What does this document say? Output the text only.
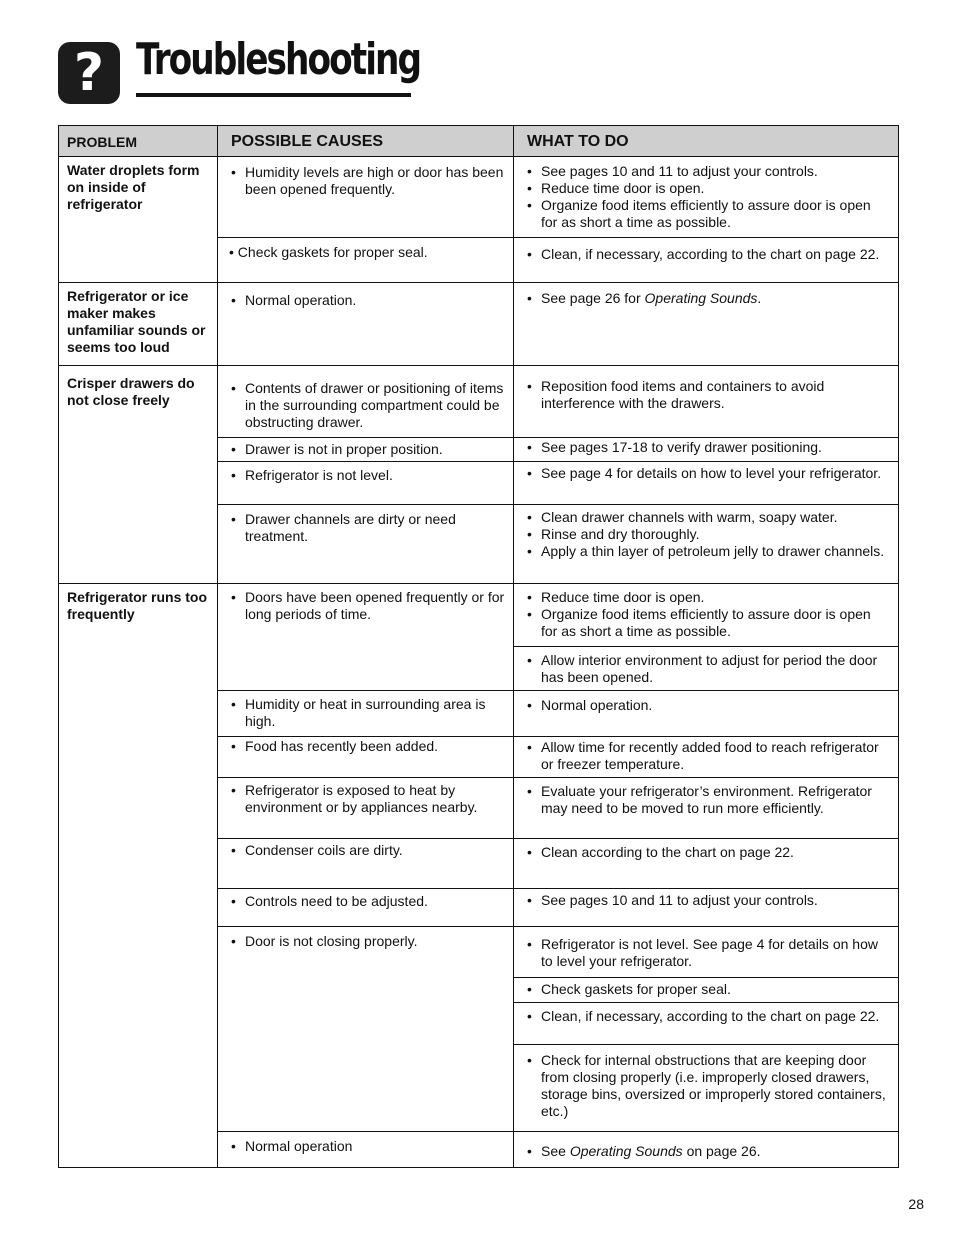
? Troubleshooting
PROBLEM	POSSIBLE CAUSES	WHAT TO DO
Water droplets form on inside of refrigerator
Refrigerator or ice maker makes unfamiliar sounds or seems too loud
Crisper drawers do not close freely
Refrigerator runs too frequently
• Humidity levels are high or door has been been opened frequently.
• Check gaskets for proper seal.
• Normal operation.
• Contents of drawer or positioning of items in the surrounding compartment could be obstructing drawer.
• Drawer is not in proper position.
• Refrigerator is not level.
• Drawer channels are dirty or need treatment.
• Doors have been opened frequently or for long periods of time.
• Humidity or heat in surrounding area is high.
• Food has recently been added.
• Refrigerator is exposed to heat by environment or by appliances nearby.
• Condenser coils are dirty.
• Controls need to be adjusted.
• Door is not closing properly.
• Normal operation
• See pages 10 and 11 to adjust your controls.
• Reduce time door is open.
• Organize food items efficiently to assure door is open for as short a time as possible.
• Clean, if necessary, according to the chart on page 22.
• See page 26 for Operating Sounds.
• Reposition food items and containers to avoid interference with the drawers.
• See pages 17-18 to verify drawer positioning.
• See page 4 for details on how to level your refrigerator.
• Clean drawer channels with warm, soapy water.
• Rinse and dry thoroughly.
• Apply a thin layer of petroleum jelly to drawer channels.
• Reduce time door is open.
• Organize food items efficiently to assure door is open for as short a time as possible.
• Allow interior environment to adjust for period the door has been opened.
• Normal operation.
• Allow time for recently added food to reach refrigerator or freezer temperature.
• Evaluate your refrigerator’s environment. Refrigerator may need to be moved to run more efficiently.
• Clean according to the chart on page 22.
• See pages 10 and 11 to adjust your controls.
• Refrigerator is not level. See page 4 for details on how to level your refrigerator.
• Check gaskets for proper seal.
• Clean, if necessary, according to the chart on page 22.
• Check for internal obstructions that are keeping door from closing properly (i.e. improperly closed drawers, storage bins, oversized or improperly stored containers, etc.)
• See Operating Sounds on page 26.
28
